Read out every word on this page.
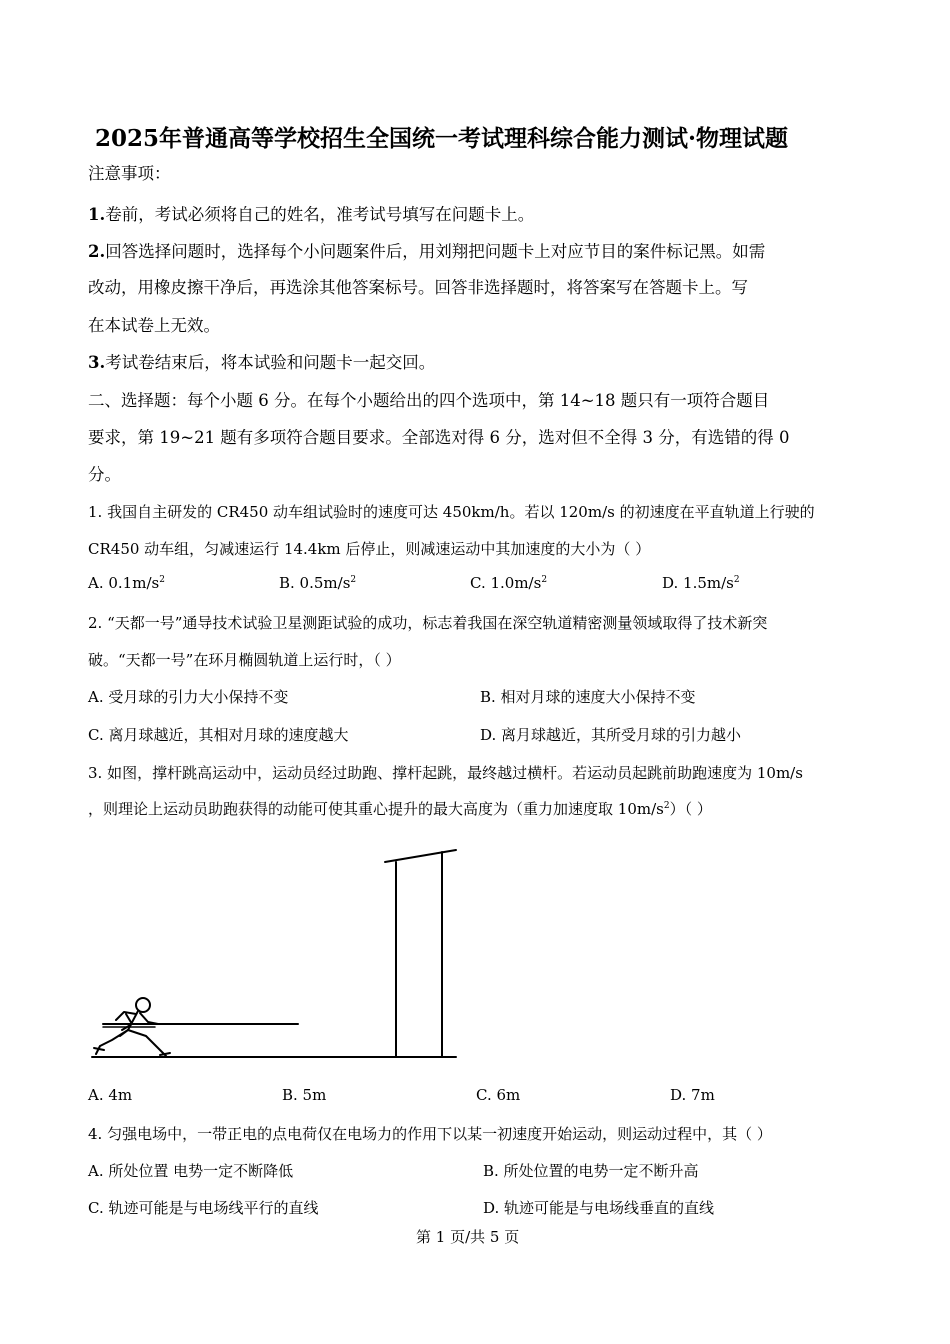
2025年普通高等学校招生全国统一考试理科综合能力测试·物理试题
注意事项：
1.卷前，考试必须将自己的姓名，准考试号填写在问题卡上。
2.回答选择问题时，选择每个小问题案件后，用刘翔把问题卡上对应节目的案件标记黑。如需
改动，用橡皮擦干净后，再选涂其他答案标号。回答非选择题时，将答案写在答题卡上。写
在本试卷上无效。
3.考试卷结束后，将本试验和问题卡一起交回。
二、选择题：每个小题 6 分。在每个小题给出的四个选项中，第 14~18 题只有一项符合题目
要求，第 19~21 题有多项符合题目要求。全部选对得 6 分，选对但不全得 3 分，有选错的得 0
分。
1. 我国自主研发的 CR450 动车组试验时的速度可达 450km/h。若以 120m/s 的初速度在平直轨道上行驶的
CR450 动车组，匀减速运行 14.4km 后停止，则减速运动中其加速度的大小为（ ）
A. $0.1m/s^2$	B. $0.5m/s^2$	C. $1.0m/s^2$	D. $1.5m/s^2$
2. “天都一号”通导技术试验卫星测距试验的成功，标志着我国在深空轨道精密测量领域取得了技术新突
破。“天都一号”在环月椭圆轨道上运行时，（ ）
A. 受月球的引力大小保持不变	B. 相对月球的速度大小保持不变
C. 离月球越近，其相对月球的速度越大	D. 离月球越近，其所受月球的引力越小
3. 如图，撑杆跳高运动中，运动员经过助跑、撑杆起跳，最终越过横杆。若运动员起跳前助跑速度为 10m/s
，则理论上运动员助跑获得的动能可使其重心提升的最大高度为（重力加速度取 $10m/s^2$）（ ）
A. 4m	B. 5m	C. 6m	D. 7m
4. 匀强电场中，一带正电的点电荷仅在电场力的作用下以某一初速度开始运动，则运动过程中，其（ ）
A. 所处位置 电势一定不断降低	B. 所处位置的电势一定不断升高
C. 轨迹可能是与电场线平行的直线	D. 轨迹可能是与电场线垂直的直线
第 1 页/共 5 页
